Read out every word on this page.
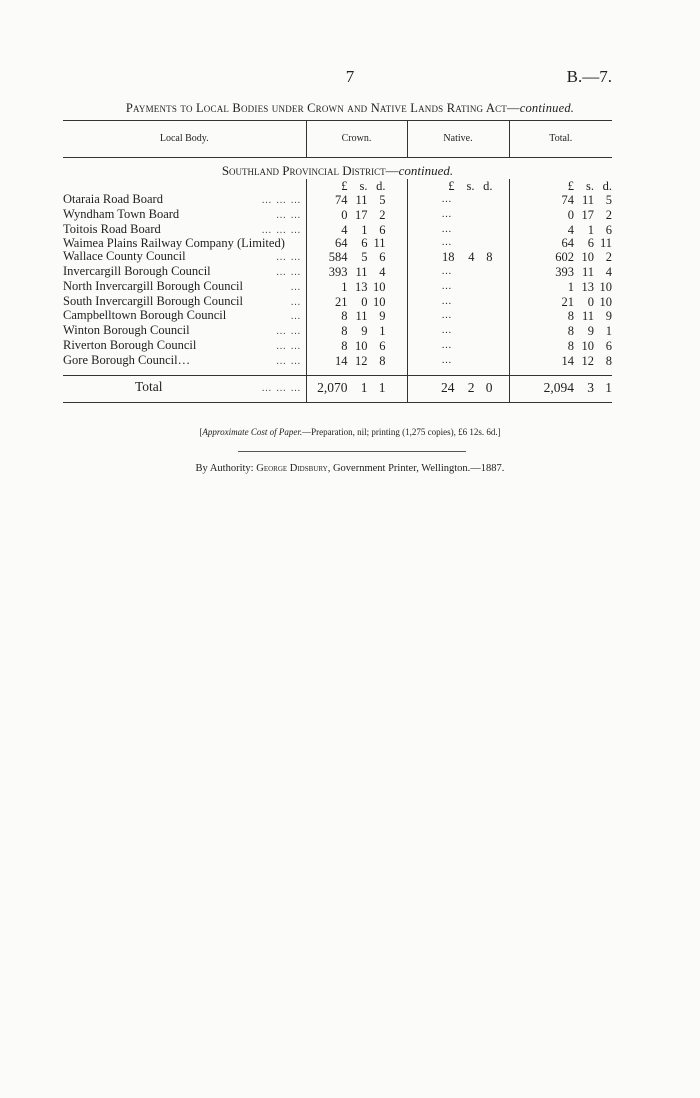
7	B.—7.
Payments to Local Bodies under Crown and Native Lands Rating Act—continued.
Local Body.	Crown.	Native.	Total.
Southland Provincial District—continued.			

	£ s. d.	£ s. d.	£ s. d.

Otaraia Road Board … … …	74 11 5	…	74 11 5

Wyndham Town Board … …	0 17 2	…	0 17 2

Toitois Road Board … … …	4 1 6	…	4 1 6

Waimea Plains Railway Company (Limited)	64 6 11	…	64 6 11

Wallace County Council … …	584 5 6	18 4 8	602 10 2

Invercargill Borough Council … …	393 11 4	…	393 11 4

North Invercargill Borough Council …	1 13 10	…	1 13 10

South Invercargill Borough Council …	21 0 10	…	21 0 10

Campbelltown Borough Council …	8 11 9	…	8 11 9

Winton Borough Council … …	8 9 1	…	8 9 1

Riverton Borough Council … …	8 10 6	…	8 10 6

Gore Borough Council… … …	14 12 8	…	14 12 8

Total … … …	2,070 1 1	24 2 0	2,094 3 1
[Approximate Cost of Paper.—Preparation, nil; printing (1,275 copies), £6 12s. 6d.]
By Authority: George Didsbury, Government Printer, Wellington.—1887.
